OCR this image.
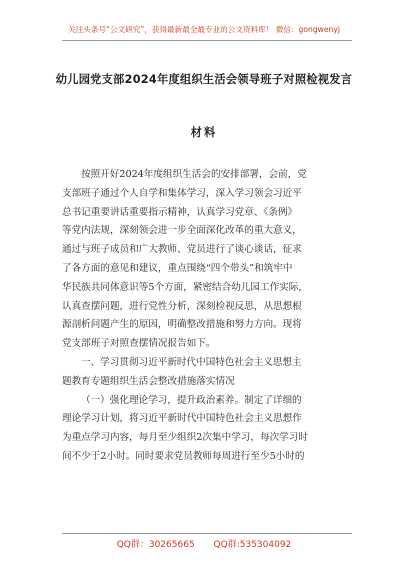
关注头条号“公文研究”，获得最新最全最专业的公文资料库！ 微信：gongwenyj
幼儿园党支部2024年度组织生活会领导班子对照检视发言
材料
按照开好2024年度组织生活会的安排部署，会前，党
支部班子通过个人自学和集体学习，深入学习领会习近平
总书记重要讲话重要指示精神，认真学习党章、《条例》
等党内法规，深刻领会进一步全面深化改革的重大意义，
通过与班子成员和广大教师、党员进行了谈心谈话，征求
了各方面的意见和建议，重点围绕“四个带头”和筑牢中
华民族共同体意识等5个方面，紧密结合幼儿园工作实际，
认真查摆问题，进行党性分析，深刻检视反思，从思想根
源剖析问题产生的原因，明确整改措施和努力方向。现将
党支部班子对照查摆情况报告如下。
一、学习贯彻习近平新时代中国特色社会主义思想主
题教育专题组织生活会整改措施落实情况
（一）强化理论学习，提升政治素养。制定了详细的
理论学习计划，将习近平新时代中国特色社会主义思想作
为重点学习内容，每月至少组织2次集中学习，每次学习时
间不少于2小时。同时要求党员教师每周进行至少5小时的
QQ群：30265665 QQ群:535304092
